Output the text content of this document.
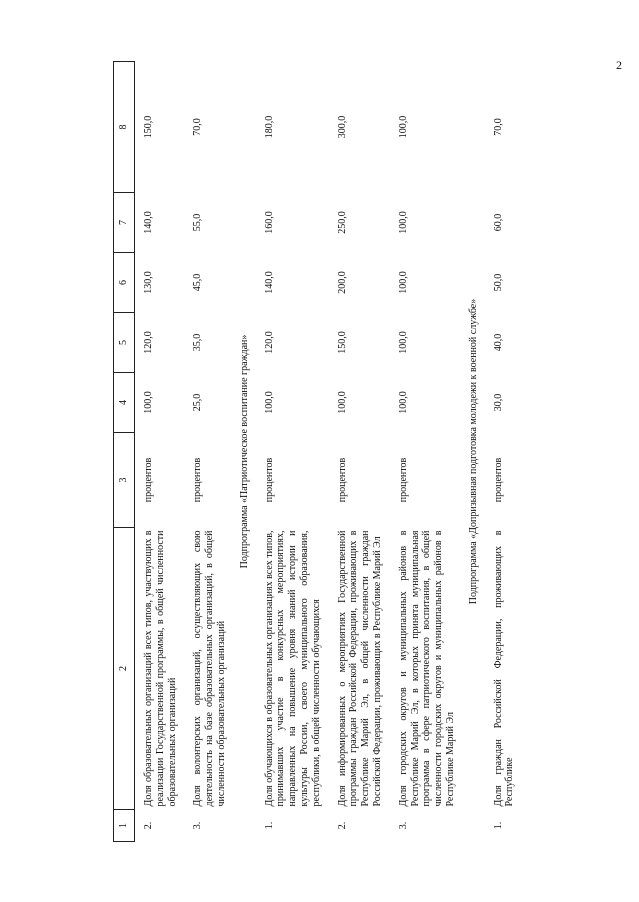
2
1	2	3	4	5	6	7	8
2.	Доля образовательных организаций всех типов, участвующих в реализации Государственной программы, в общей численности образовательных организаций	процентов	100,0	120,0	130,0	140,0	150,0
3.	Доля волонтерских организаций, осуществляющих свою деятельность на базе образовательных организаций, в общей численности образовательных организаций	процентов	25,0	35,0	45,0	55,0	70,0
Подпрограмма «Патриотическое воспитание граждан»							
1.	Доля обучающихся в образовательных организациях всех типов, принимавших участие в конкурсных мероприятиях, направленных на повышение уровня знаний истории и культуры России, своего муниципального образования, республики, в общей численности обучающихся	процентов	100,0	120,0	140,0	160,0	180,0
2.	Доля информированных о мероприятиях Государственной программы граждан Российской Федерации, проживающих в Республике Марий Эл, в общей численности граждан Российской Федерации, проживающих в Республике Марий Эл	процентов	100,0	150,0	200,0	250,0	300,0
3.	Доля городских округов и муниципальных районов в Республике Марий Эл, в которых принята муниципальная программа в сфере патриотического воспитания, в общей численности городских округов и муниципальных районов в Республике Марий Эл	процентов	100,0	100,0	100,0	100,0	100,0
Подпрограмма «Допризывная подготовка молодежи к военной службе»							
1.	Доля граждан Российской Федерации, проживающих в Республике	процентов	30,0	40,0	50,0	60,0	70,0
